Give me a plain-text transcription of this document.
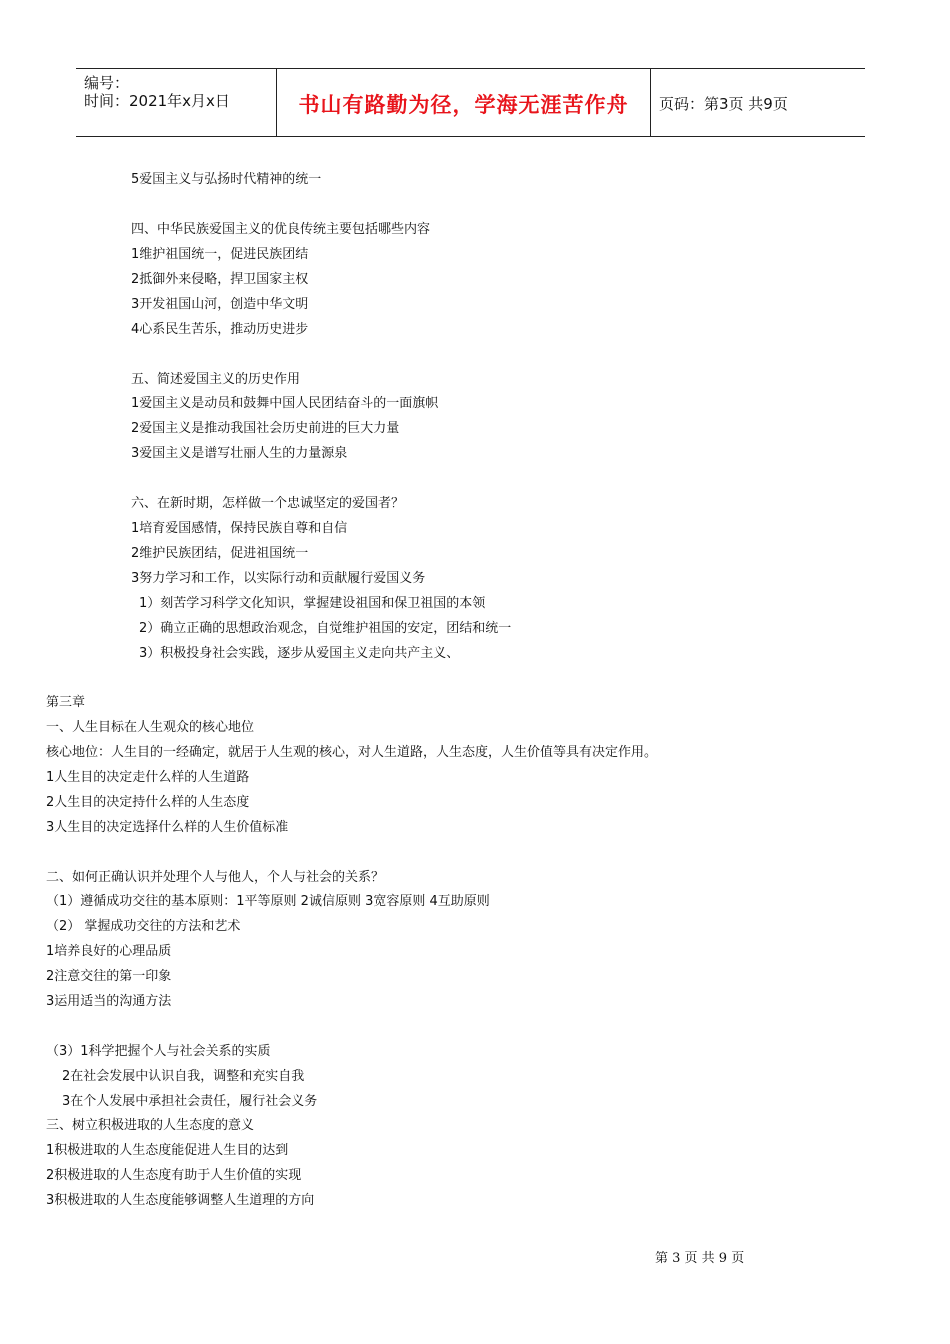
编号：
时间：2021年x月x日	书山有路勤为径，学海无涯苦作舟	页码：第3页 共9页
5爱国主义与弘扬时代精神的统一
四、中华民族爱国主义的优良传统主要包括哪些内容
1维护祖国统一，促进民族团结
2抵御外来侵略，捍卫国家主权
3开发祖国山河，创造中华文明
4心系民生苦乐，推动历史进步
五、简述爱国主义的历史作用
1爱国主义是动员和鼓舞中国人民团结奋斗的一面旗帜
2爱国主义是推动我国社会历史前进的巨大力量
3爱国主义是谱写壮丽人生的力量源泉
六、在新时期，怎样做一个忠诚坚定的爱国者？
1培育爱国感情，保持民族自尊和自信
2维护民族团结，促进祖国统一
3努力学习和工作，以实际行动和贡献履行爱国义务
1）刻苦学习科学文化知识，掌握建设祖国和保卫祖国的本领
2）确立正确的思想政治观念，自觉维护祖国的安定，团结和统一
3）积极投身社会实践，逐步从爱国主义走向共产主义、
第三章
一、人生目标在人生观众的核心地位
核心地位：人生目的一经确定，就居于人生观的核心，对人生道路，人生态度，人生价值等具有决定作用。
1人生目的决定走什么样的人生道路
2人生目的决定持什么样的人生态度
3人生目的决定选择什么样的人生价值标准
二、如何正确认识并处理个人与他人，个人与社会的关系？
（1）遵循成功交往的基本原则：1平等原则 2诚信原则 3宽容原则 4互助原则
（2） 掌握成功交往的方法和艺术
1培养良好的心理品质
2注意交往的第一印象
3运用适当的沟通方法
（3）1科学把握个人与社会关系的实质
2在社会发展中认识自我，调整和充实自我
3在个人发展中承担社会责任，履行社会义务
三、树立积极进取的人生态度的意义
1积极进取的人生态度能促进人生目的达到
2积极进取的人生态度有助于人生价值的实现
3积极进取的人生态度能够调整人生道理的方向
第 3 页 共 9 页
